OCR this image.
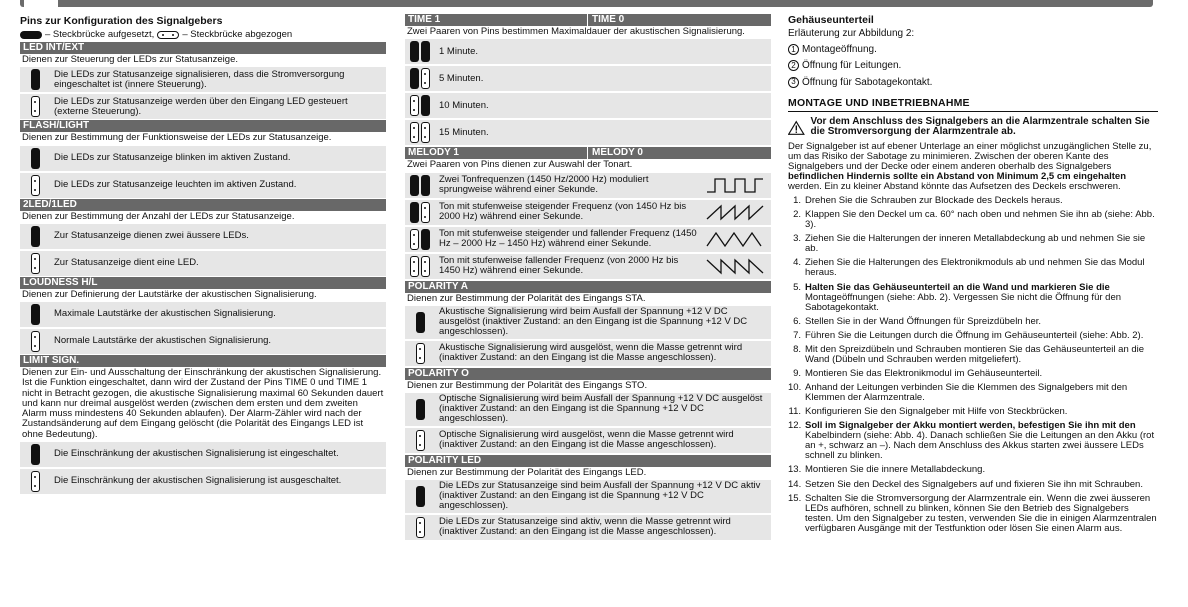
Pins zur Konfiguration des Signalgebers
– Steckbrücke aufgesetzt,	– Steckbrücke abgezogen
LED INT/EXT
Dienen zur Steuerung der LEDs zur Statusanzeige.
Die LEDs zur Statusanzeige signalisieren, dass die Stromversorgung eingeschaltet ist (innere Steuerung).
Die LEDs zur Statusanzeige werden über den Eingang LED gesteuert (externe Steuerung).
FLASH/LIGHT
Dienen zur Bestimmung der Funktionsweise der LEDs zur Statusanzeige.
Die LEDs zur Statusanzeige blinken im aktiven Zustand.
Die LEDs zur Statusanzeige leuchten im aktiven Zustand.
2LED/1LED
Dienen zur Bestimmung der Anzahl der LEDs zur Statusanzeige.
Zur Statusanzeige dienen zwei äussere LEDs.
Zur Statusanzeige dient eine LED.
LOUDNESS H/L
Dienen zur Definierung der Lautstärke der akustischen Signalisierung.
Maximale Lautstärke der akustischen Signalisierung.
Normale Lautstärke der akustischen Signalisierung.
LIMIT SIGN.
Dienen zur Ein- und Ausschaltung der Einschränkung der akustischen Signalisierung. Ist die Funktion eingeschaltet, dann wird der Zustand der Pins TIME 0 und TIME 1 nicht in Betracht gezogen, die akustische Signalisierung maximal 60 Sekunden dauert und kann nur dreimal ausgelöst werden (zwischen dem ersten und dem zweiten Alarm muss mindestens 40 Sekunden ablaufen). Der Alarm-Zähler wird nach der Zustandsänderung auf dem Eingang gelöscht (die Polarität des Eingangs LED ist ohne Bedeutung).
Die Einschränkung der akustischen Signalisierung ist eingeschaltet.
Die Einschränkung der akustischen Signalisierung ist ausgeschaltet.
TIME 1	TIME 0
Zwei Paaren von Pins bestimmen Maximaldauer der akustischen Signalisierung.
1 Minute.
5 Minuten.
10 Minuten.
15 Minuten.
MELODY 1	MELODY 0
Zwei Paaren von Pins dienen zur Auswahl der Tonart.
Zwei Tonfrequenzen (1450 Hz/2000 Hz) moduliert sprungweise während einer Sekunde.
Ton mit stufenweise steigender Frequenz (von 1450 Hz bis 2000 Hz) während einer Sekunde.
Ton mit stufenweise steigender und fallender Frequenz (1450 Hz – 2000 Hz – 1450 Hz) während einer Sekunde.
Ton mit stufenweise fallender Frequenz (von 2000 Hz bis 1450 Hz) während einer Sekunde.
POLARITY A
Dienen zur Bestimmung der Polarität des Eingangs STA.
Akustische Signalisierung wird beim Ausfall der Spannung +12 V DC ausgelöst (inaktiver Zustand: an den Eingang ist die Spannung +12 V DC angeschlossen).
Akustische Signalisierung wird ausgelöst, wenn die Masse getrennt wird (inaktiver Zustand: an den Eingang ist die Masse angeschlossen).
POLARITY O
Dienen zur Bestimmung der Polarität des Eingangs STO.
Optische Signalisierung wird beim Ausfall der Spannung +12 V DC ausgelöst (inaktiver Zustand: an den Eingang ist die Spannung +12 V DC angeschlossen).
Optische Signalisierung wird ausgelöst, wenn die Masse getrennt wird (inaktiver Zustand: an den Eingang ist die Masse angeschlossen).
POLARITY LED
Dienen zur Bestimmung der Polarität des Eingangs LED.
Die LEDs zur Statusanzeige sind beim Ausfall der Spannung +12 V DC aktiv (inaktiver Zustand: an den Eingang ist die Spannung +12 V DC angeschlossen).
Die LEDs zur Statusanzeige sind aktiv, wenn die Masse getrennt wird (inaktiver Zustand: an den Eingang ist die Masse angeschlossen).
Gehäuseunterteil
Erläuterung zur Abbildung 2:
1 Montageöffnung.
2 Öffnung für Leitungen.
3 Öffnung für Sabotagekontakt.
MONTAGE UND INBETRIEBNAHME
Vor dem Anschluss des Signalgebers an die Alarmzentrale schalten Sie die Stromversorgung der Alarmzentrale ab.
Der Signalgeber ist auf ebener Unterlage an einer möglichst unzugänglichen Stelle zu, um das Risiko der Sabotage zu minimieren. Zwischen der oberen Kante des Signalgebers und der Decke oder einem anderen oberhalb des Signalgebers befindlichen Hindernis sollte ein Abstand von Minimum 2,5 cm eingehalten werden. Ein zu kleiner Abstand könnte das Aufsetzen des Deckels erschweren.
1. Drehen Sie die Schrauben zur Blockade des Deckels heraus.
2. Klappen Sie den Deckel um ca. 60° nach oben und nehmen Sie ihn ab (siehe: Abb. 3).
3. Ziehen Sie die Halterungen der inneren Metallabdeckung ab und nehmen Sie sie ab.
4. Ziehen Sie die Halterungen des Elektronikmoduls ab und nehmen Sie das Modul heraus.
5. Halten Sie das Gehäuseunterteil an die Wand und markieren Sie die Montageöffnungen (siehe: Abb. 2). Vergessen Sie nicht die Öffnung für den Sabotagekontakt.
6. Stellen Sie in der Wand Öffnungen für Spreizdübeln her.
7. Führen Sie die Leitungen durch die Öffnung im Gehäuseunterteil (siehe: Abb. 2).
8. Mit den Spreizdübeln und Schrauben montieren Sie das Gehäuseunterteil an die Wand (Dübeln und Schrauben werden mitgeliefert).
9. Montieren Sie das Elektronikmodul im Gehäuseunterteil.
10. Anhand der Leitungen verbinden Sie die Klemmen des Signalgebers mit den Klemmen der Alarmzentrale.
11. Konfigurieren Sie den Signalgeber mit Hilfe von Steckbrücken.
12. Soll im Signalgeber der Akku montiert werden, befestigen Sie ihn mit den Kabelbindern (siehe: Abb. 4). Danach schließen Sie die Leitungen an den Akku (rot an +, schwarz an –). Nach dem Anschluss des Akkus starten zwei äussere LEDs schnell zu blinken.
13. Montieren Sie die innere Metallabdeckung.
14. Setzen Sie den Deckel des Signalgebers auf und fixieren Sie ihn mit Schrauben.
15. Schalten Sie die Stromversorgung der Alarmzentrale ein. Wenn die zwei äusseren LEDs aufhören, schnell zu blinken, können Sie den Betrieb des Signalgebers testen. Um den Signalgeber zu testen, verwenden Sie die in einigen Alarmzentralen verfügbaren Ausgänge mit der Testfunktion oder lösen Sie einen Alarm aus.
